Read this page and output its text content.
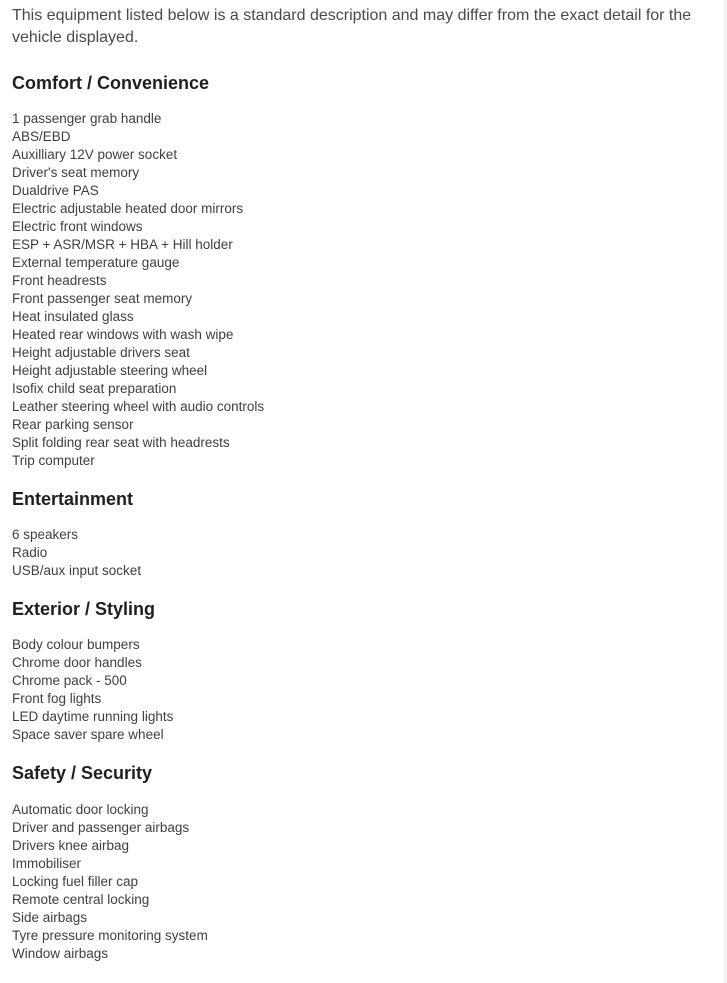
This equipment listed below is a standard description and may differ from the exact detail for the vehicle displayed.

Comfort / Convenience
1 passenger grab handle
ABS/EBD
Auxilliary 12V power socket
Driver's seat memory
Dualdrive PAS
Electric adjustable heated door mirrors
Electric front windows
ESP + ASR/MSR + HBA + Hill holder
External temperature gauge
Front headrests
Front passenger seat memory
Heat insulated glass
Heated rear windows with wash wipe
Height adjustable drivers seat
Height adjustable steering wheel
Isofix child seat preparation
Leather steering wheel with audio controls
Rear parking sensor
Split folding rear seat with headrests
Trip computer
Entertainment
6 speakers
Radio
USB/aux input socket
Exterior / Styling
Body colour bumpers
Chrome door handles
Chrome pack - 500
Front fog lights
LED daytime running lights
Space saver spare wheel
Safety / Security
Automatic door locking
Driver and passenger airbags
Drivers knee airbag
Immobiliser
Locking fuel filler cap
Remote central locking
Side airbags
Tyre pressure monitoring system
Window airbags
